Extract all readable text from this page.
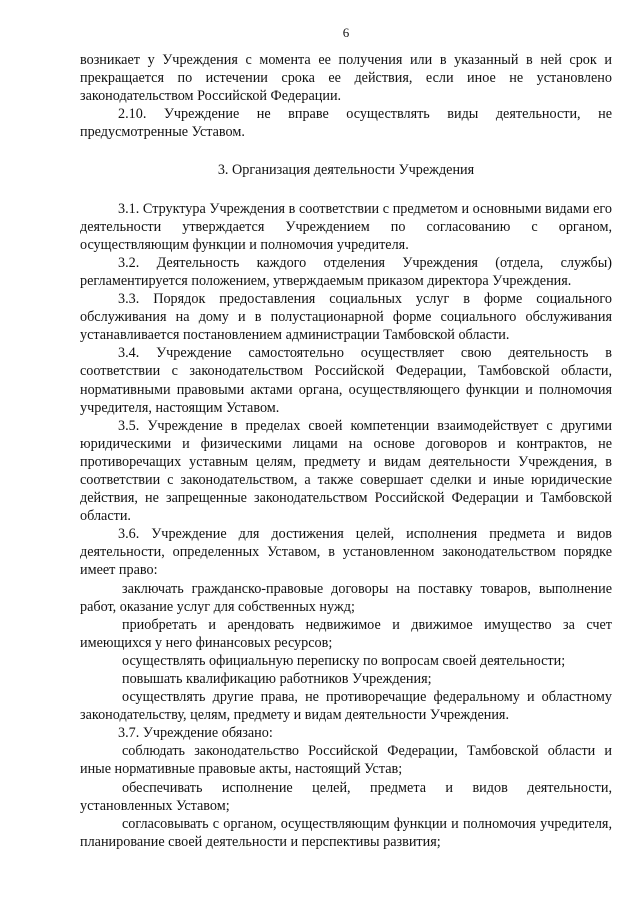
6

возникает у Учреждения с момента ее получения или в указанный в ней срок и прекращается по истечении срока ее действия, если иное не установлено законодательством Российской Федерации.

2.10. Учреждение не вправе осуществлять виды деятельности, не предусмотренные Уставом.

3. Организация деятельности Учреждения

3.1. Структура Учреждения в соответствии с предметом и основными видами его деятельности утверждается Учреждением по согласованию с органом, осуществляющим функции и полномочия учредителя.

3.2. Деятельность каждого отделения Учреждения (отдела, службы) регламентируется положением, утверждаемым приказом директора Учреждения.

3.3. Порядок предоставления социальных услуг в форме социального обслуживания на дому и в полустационарной форме социального обслуживания устанавливается постановлением администрации Тамбовской области.

3.4. Учреждение самостоятельно осуществляет свою деятельность в соответствии с законодательством Российской Федерации, Тамбовской области, нормативными правовыми актами органа, осуществляющего функции и полномочия учредителя, настоящим Уставом.

3.5. Учреждение в пределах своей компетенции взаимодействует с другими юридическими и физическими лицами на основе договоров и контрактов, не противоречащих уставным целям, предмету и видам деятельности Учреждения, в соответствии с законодательством, а также совершает сделки и иные юридические действия, не запрещенные законодательством Российской Федерации и Тамбовской области.

3.6. Учреждение для достижения целей, исполнения предмета и видов деятельности, определенных Уставом, в установленном законодательством порядке имеет право:

заключать гражданско-правовые договоры на поставку товаров, выполнение работ, оказание услуг для собственных нужд;

приобретать и арендовать недвижимое и движимое имущество за счет имеющихся у него финансовых ресурсов;

осуществлять официальную переписку по вопросам своей деятельности;

повышать квалификацию работников Учреждения;

осуществлять другие права, не противоречащие федеральному и областному законодательству, целям, предмету и видам деятельности Учреждения.

3.7. Учреждение обязано:

соблюдать законодательство Российской Федерации, Тамбовской области и иные нормативные правовые акты, настоящий Устав;

обеспечивать исполнение целей, предмета и видов деятельности, установленных Уставом;

согласовывать с органом, осуществляющим функции и полномочия учредителя, планирование своей деятельности и перспективы развития;
